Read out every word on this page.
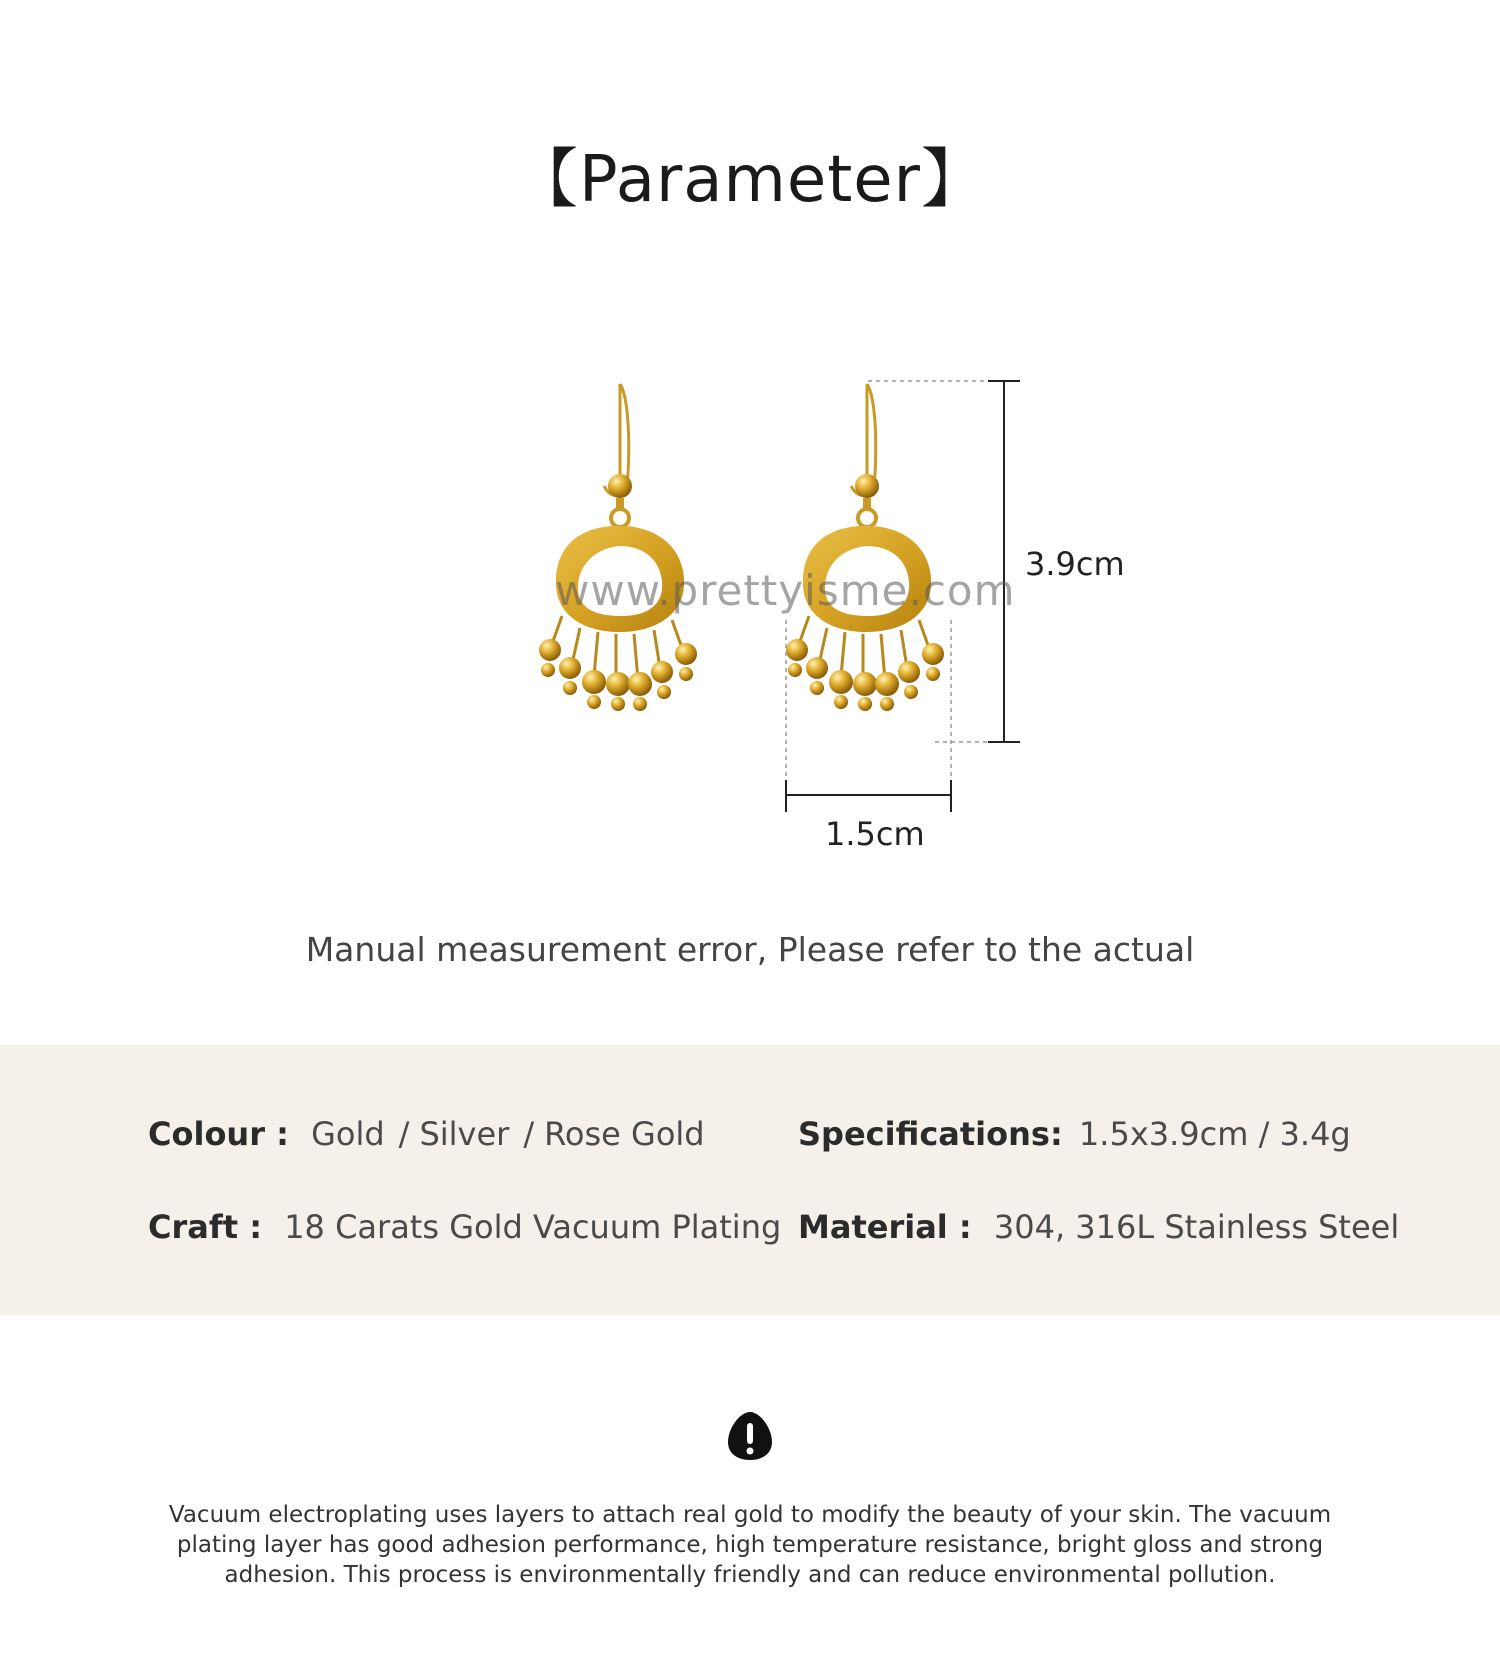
【Parameter】
www.prettyisme.com
3.9cm
1.5cm
Manual measurement error, Please refer to the actual
Colour : Gold / Silver / Rose Gold	Specifications: 1.5x3.9cm / 3.4g
Craft : 18 Carats Gold Vacuum Plating Material : 304, 316L Stainless Steel
Vacuum electroplating uses layers to attach real gold to modify the beauty of your skin. The vacuum plating layer has good adhesion performance, high temperature resistance, bright gloss and strong adhesion. This process is environmentally friendly and can reduce environmental pollution.
